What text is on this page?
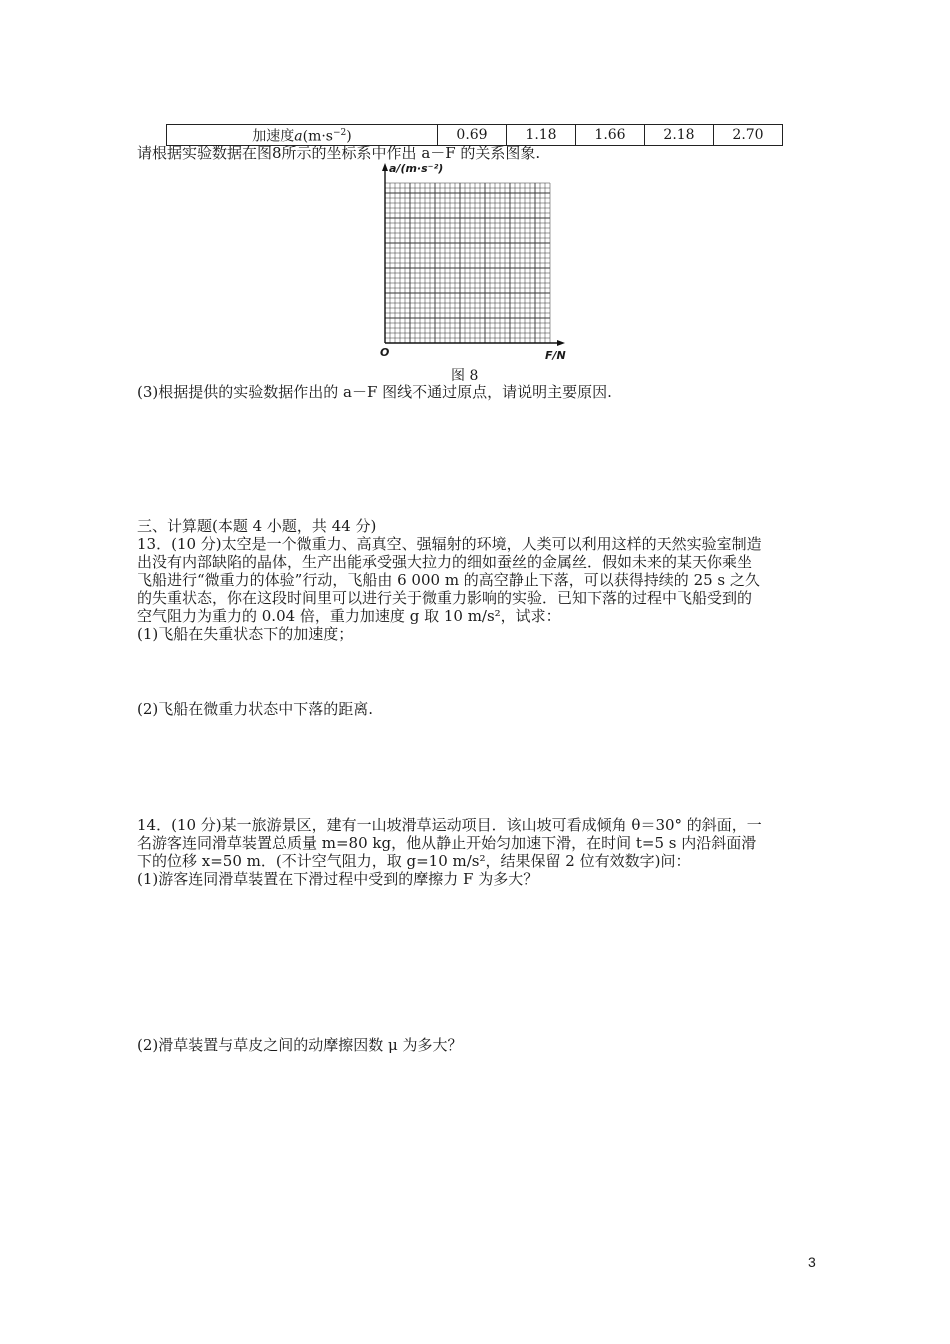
加速度$a(m\cdot s^{-2})$	0.69	1.18	1.66	2.18	2.70
请根据实验数据在图8所示的坐标系中作出 a－F 的关系图象.
a/(m·s⁻²)
O	F/N
图 8
(3)根据提供的实验数据作出的 a－F 图线不通过原点，请说明主要原因.
三、计算题(本题 4 小题，共 44 分)
13．(10 分)太空是一个微重力、高真空、强辐射的环境，人类可以利用这样的天然实验室制造
出没有内部缺陷的晶体，生产出能承受强大拉力的细如蚕丝的金属丝．假如未来的某天你乘坐
飞船进行“微重力的体验”行动，飞船由 6 000 m 的高空静止下落，可以获得持续的 25 s 之久
的失重状态，你在这段时间里可以进行关于微重力影响的实验．已知下落的过程中飞船受到的
空气阻力为重力的 0.04 倍，重力加速度 g 取 10 m/s²，试求：
(1)飞船在失重状态下的加速度；
(2)飞船在微重力状态中下落的距离.
14．(10 分)某一旅游景区，建有一山坡滑草运动项目．该山坡可看成倾角 θ＝30° 的斜面，一
名游客连同滑草装置总质量 m=80 kg，他从静止开始匀加速下滑，在时间 t=5 s 内沿斜面滑
下的位移 x=50 m．(不计空气阻力，取 g=10 m/s²，结果保留 2 位有效数字)问：
(1)游客连同滑草装置在下滑过程中受到的摩擦力 F 为多大？
(2)滑草装置与草皮之间的动摩擦因数 μ 为多大？
3
